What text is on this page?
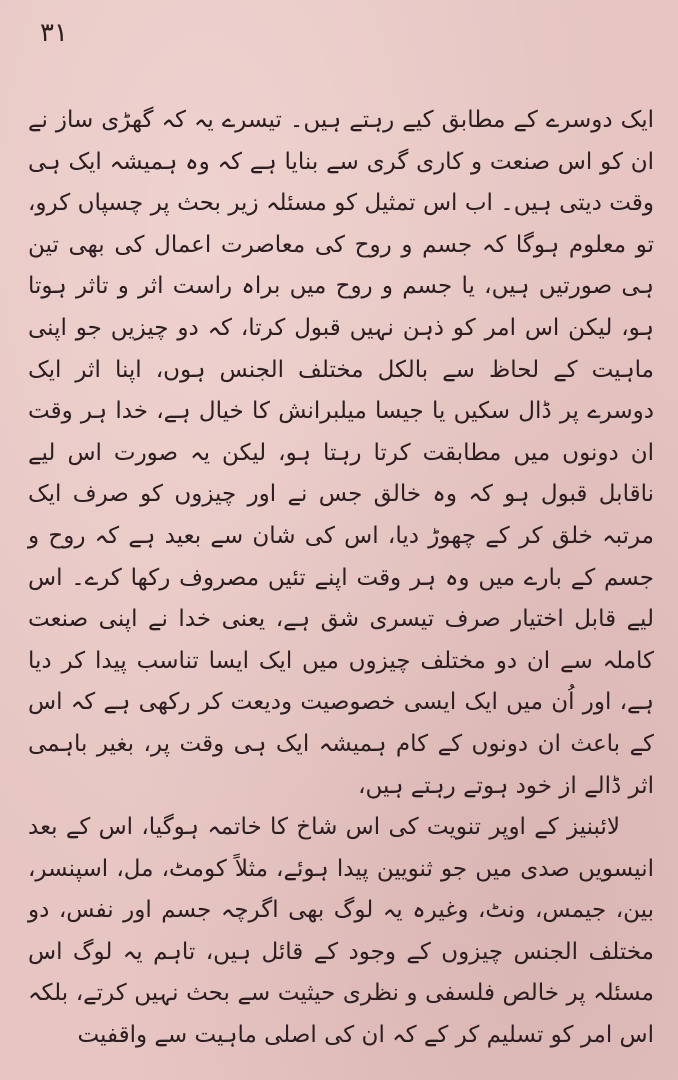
۳۱

ایک دوسرے کے مطابق کیے رہتے ہیں۔ تیسرے یہ کہ گھڑی ساز نے ان کو اس صنعت و کاری گری سے بنایا ہے کہ وہ ہمیشہ ایک ہی وقت دیتی ہیں۔ اب اس تمثیل کو مسئلہ زیر بحث پر چسپاں کرو، تو معلوم ہوگا کہ جسم و روح کی معاصرت اعمال کی بھی تین ہی صورتیں ہیں، یا جسم و روح میں براہ راست اثر و تاثر ہوتا ہو، لیکن اس امر کو ذہن نہیں قبول کرتا، کہ دو چیزیں جو اپنی ماہیت کے لحاظ سے بالکل مختلف الجنس ہوں، اپنا اثر ایک دوسرے پر ڈال سکیں یا جیسا میلبرانش کا خیال ہے، خدا ہر وقت ان دونوں میں مطابقت کرتا رہتا ہو، لیکن یہ صورت اس لیے ناقابل قبول ہو کہ وہ خالق جس نے اور چیزوں کو صرف ایک مرتبہ خلق کر کے چھوڑ دیا، اس کی شان سے بعید ہے کہ روح و جسم کے بارے میں وہ ہر وقت اپنے تئیں مصروف رکھا کرے۔ اس لیے قابل اختیار صرف تیسری شق ہے، یعنی خدا نے اپنی صنعت کاملہ سے ان دو مختلف چیزوں میں ایک ایسا تناسب پیدا کر دیا ہے، اور اُن میں ایک ایسی خصوصیت ودیعت کر رکھی ہے کہ اس کے باعث ان دونوں کے کام ہمیشہ ایک ہی وقت پر، بغیر باہمی اثر ڈالے از خود ہوتے رہتے ہیں،

لائبنیز کے اوپر تنویت کی اس شاخ کا خاتمہ ہوگیا، اس کے بعد انیسویں صدی میں جو ثنویین پیدا ہوئے، مثلاً کومٹ، مل، اسپنسر، بین، جیمس، ونٹ، وغیرہ یہ لوگ بھی اگرچہ جسم اور نفس، دو مختلف الجنس چیزوں کے وجود کے قائل ہیں، تاہم یہ لوگ اس مسئلہ پر خالص فلسفی و نظری حیثیت سے بحث نہیں کرتے، بلکہ اس امر کو تسلیم کر کے کہ ان کی اصلی ماہیت سے واقفیت
